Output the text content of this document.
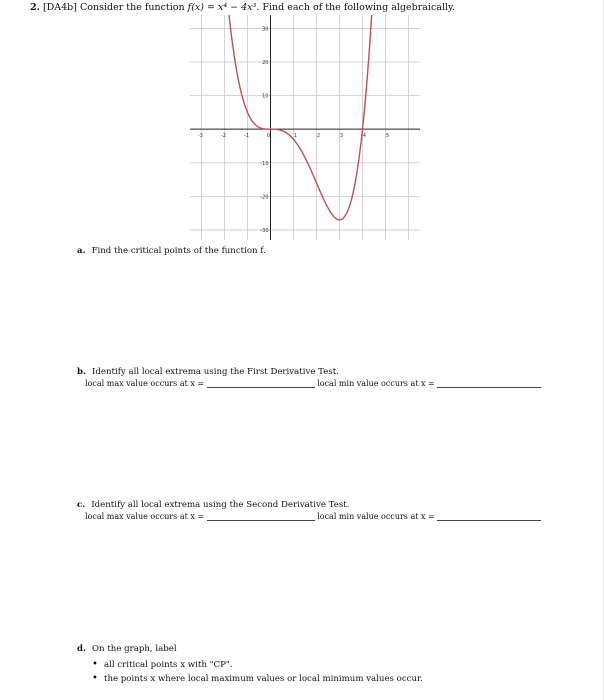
2. [DA4b] Consider the function f(x) = x⁴ − 4x³. Find each of the following algebraically.
-3	-2	-1	0	1	2	3	4	5
30
20
10
-10
-20
-30
a. Find the critical points of the function f.
b. Identify all local extrema using the First Derivative Test.
local max value occurs at x =	local min value occurs at x =
c. Identify all local extrema using the Second Derivative Test.
local max value occurs at x =	local min value occurs at x =
d. On the graph, label
• all critical points x with "CP".
• the points x where local maximum values or local minimum values occur.
